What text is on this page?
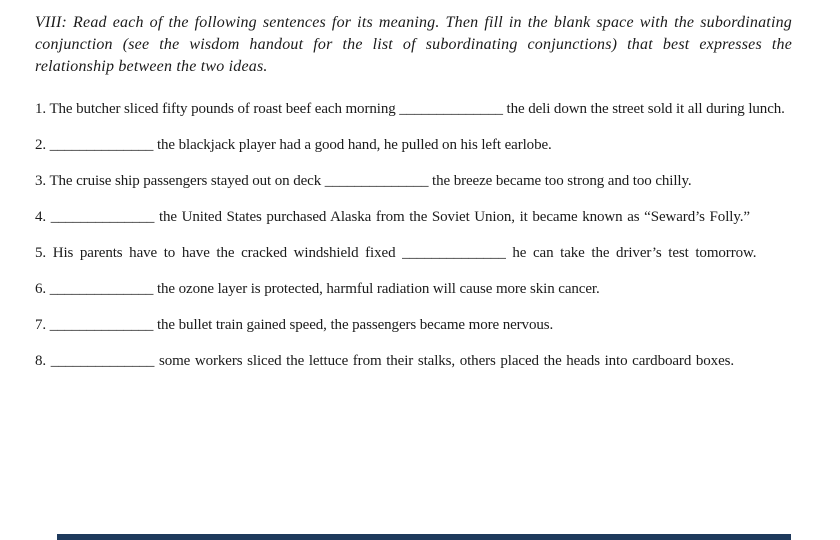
VIII: Read each of the following sentences for its meaning. Then fill in the blank space with the subordinating conjunction (see the wisdom handout for the list of subordinating conjunctions) that best expresses the relationship between the two ideas.

1. The butcher sliced fifty pounds of roast beef each morning ______________ the deli down the street sold it all during lunch.

2. ______________ the blackjack player had a good hand, he pulled on his left earlobe.

3. The cruise ship passengers stayed out on deck ______________ the breeze became too strong and too chilly.

4. ______________ the United States purchased Alaska from the Soviet Union, it became known as “Seward’s Folly.”

5. His parents have to have the cracked windshield fixed ______________ he can take the driver’s test tomorrow.

6. ______________ the ozone layer is protected, harmful radiation will cause more skin cancer.

7. ______________ the bullet train gained speed, the passengers became more nervous.

8. ______________ some workers sliced the lettuce from their stalks, others placed the heads into cardboard boxes.
